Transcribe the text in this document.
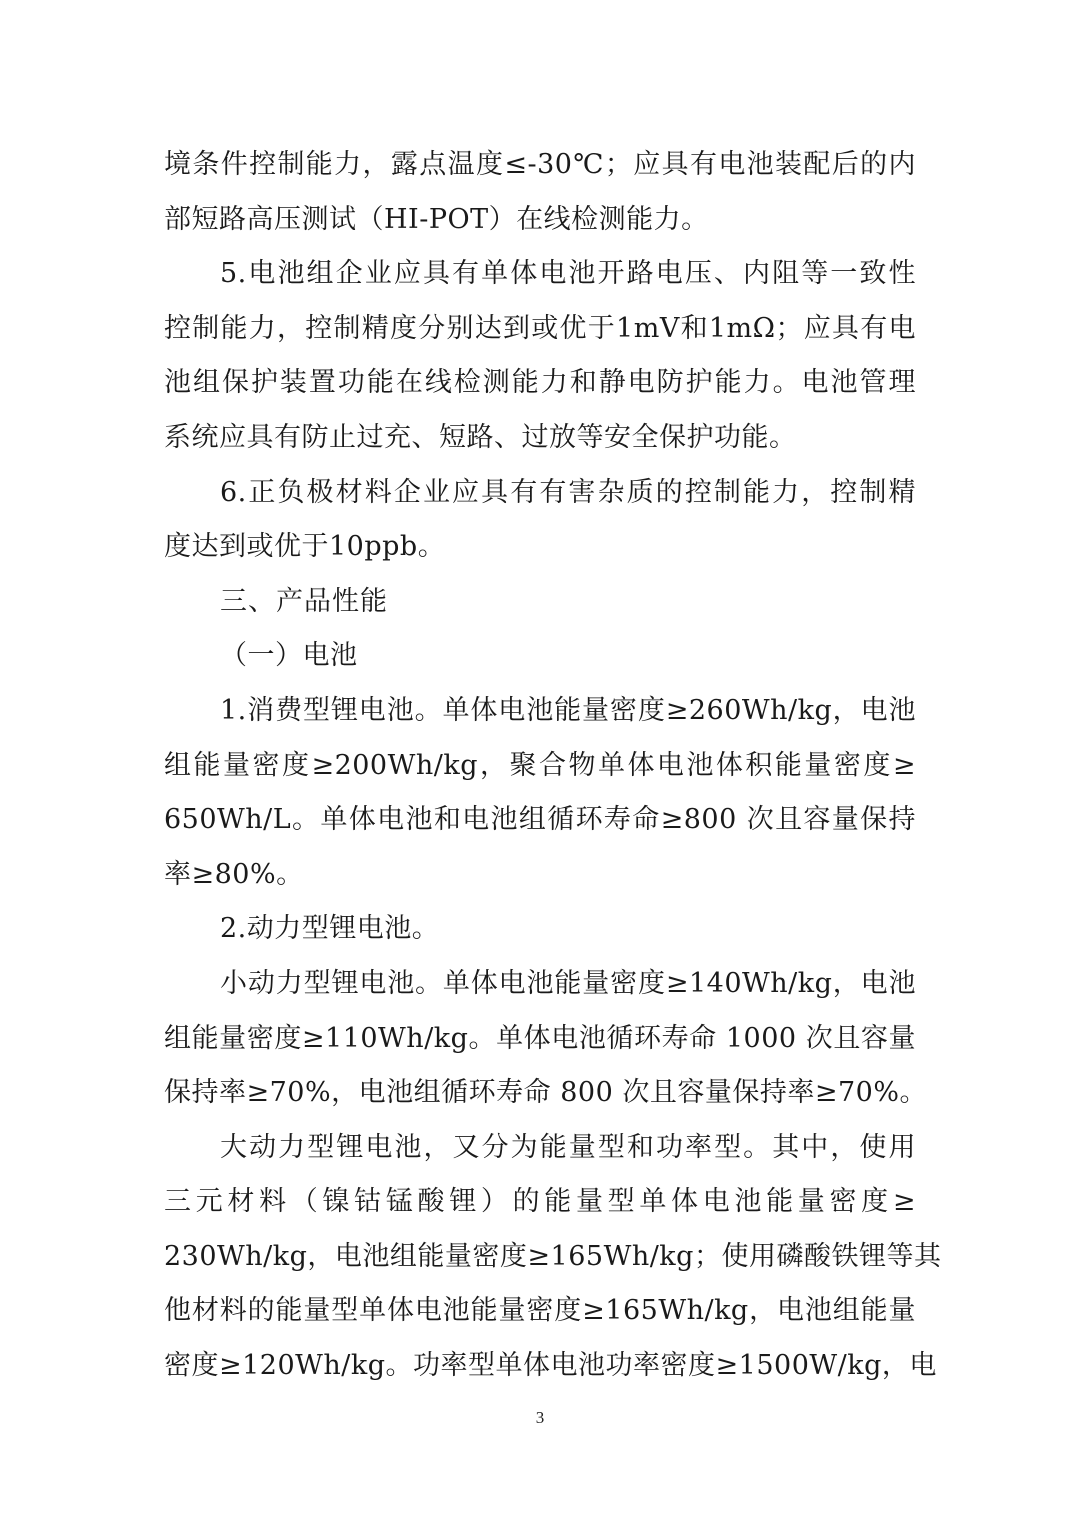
境条件控制能力，露点温度≤-30℃；应具有电池装配后的内
部短路高压测试（HI-POT）在线检测能力。
5.电池组企业应具有单体电池开路电压、内阻等一致性
控制能力，控制精度分别达到或优于1mV和1mΩ；应具有电
池组保护装置功能在线检测能力和静电防护能力。电池管理
系统应具有防止过充、短路、过放等安全保护功能。
6.正负极材料企业应具有有害杂质的控制能力，控制精
度达到或优于10ppb。
三、产品性能
（一）电池
1.消费型锂电池。单体电池能量密度≥260Wh/kg，电池
组能量密度≥200Wh/kg，聚合物单体电池体积能量密度≥
650Wh/L。单体电池和电池组循环寿命≥800 次且容量保持
率≥80%。
2.动力型锂电池。
小动力型锂电池。单体电池能量密度≥140Wh/kg，电池
组能量密度≥110Wh/kg。单体电池循环寿命 1000 次且容量
保持率≥70%，电池组循环寿命 800 次且容量保持率≥70%。
大动力型锂电池，又分为能量型和功率型。其中，使用
三元材料（镍钴锰酸锂）的能量型单体电池能量密度≥
230Wh/kg，电池组能量密度≥165Wh/kg；使用磷酸铁锂等其
他材料的能量型单体电池能量密度≥165Wh/kg，电池组能量
密度≥120Wh/kg。功率型单体电池功率密度≥1500W/kg，电
3
